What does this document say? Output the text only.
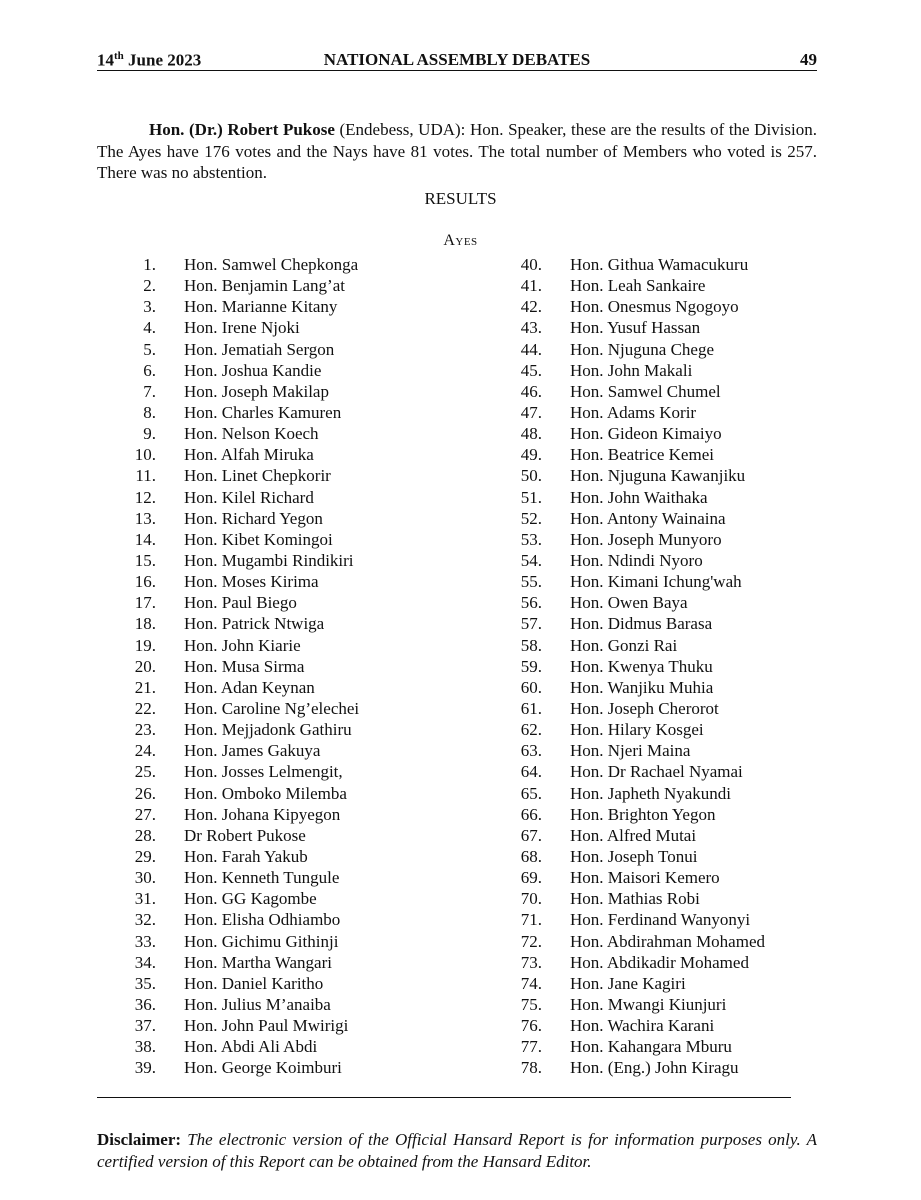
14th June 2023	NATIONAL ASSEMBLY DEBATES	49

Hon. (Dr.) Robert Pukose (Endebess, UDA): Hon. Speaker, these are the results of the Division. The Ayes have 176 votes and the Nays have 81 votes. The total number of Members who voted is 257. There was no abstention.

RESULTS
Ayes
1. Hon. Samwel Chepkonga
2. Hon. Benjamin Lang’at
3. Hon. Marianne Kitany
4. Hon. Irene Njoki
5. Hon. Jematiah Sergon
6. Hon. Joshua Kandie
7. Hon. Joseph Makilap
8. Hon. Charles Kamuren
9. Hon. Nelson Koech
10. Hon. Alfah Miruka
11. Hon. Linet Chepkorir
12. Hon. Kilel Richard
13. Hon. Richard Yegon
14. Hon. Kibet Komingoi
15. Hon. Mugambi Rindikiri
16. Hon. Moses Kirima
17. Hon. Paul Biego
18. Hon. Patrick Ntwiga
19. Hon. John Kiarie
20. Hon. Musa Sirma
21. Hon. Adan Keynan
22. Hon. Caroline Ng’elechei
23. Hon. Mejjadonk Gathiru
24. Hon. James Gakuya
25. Hon. Josses Lelmengit,
26. Hon. Omboko Milemba
27. Hon. Johana Kipyegon
28. Dr Robert Pukose
29. Hon. Farah Yakub
30. Hon. Kenneth Tungule
31. Hon. GG Kagombe
32. Hon. Elisha Odhiambo
33. Hon. Gichimu Githinji
34. Hon. Martha Wangari
35. Hon. Daniel Karitho
36. Hon. Julius M’anaiba
37. Hon. John Paul Mwirigi
38. Hon. Abdi Ali Abdi
39. Hon. George Koimburi
40. Hon. Githua Wamacukuru
41. Hon. Leah Sankaire
42. Hon. Onesmus Ngogoyo
43. Hon. Yusuf Hassan
44. Hon. Njuguna Chege
45. Hon. John Makali
46. Hon. Samwel Chumel
47. Hon. Adams Korir
48. Hon. Gideon Kimaiyo
49. Hon. Beatrice Kemei
50. Hon. Njuguna Kawanjiku
51. Hon. John Waithaka
52. Hon. Antony Wainaina
53. Hon. Joseph Munyoro
54. Hon. Ndindi Nyoro
55. Hon. Kimani Ichung'wah
56. Hon. Owen Baya
57. Hon. Didmus Barasa
58. Hon. Gonzi Rai
59. Hon. Kwenya Thuku
60. Hon. Wanjiku Muhia
61. Hon. Joseph Cherorot
62. Hon. Hilary Kosgei
63. Hon. Njeri Maina
64. Hon. Dr Rachael Nyamai
65. Hon. Japheth Nyakundi
66. Hon. Brighton Yegon
67. Hon. Alfred Mutai
68. Hon. Joseph Tonui
69. Hon. Maisori Kemero
70. Hon. Mathias Robi
71. Hon. Ferdinand Wanyonyi
72. Hon. Abdirahman Mohamed
73. Hon. Abdikadir Mohamed
74. Hon. Jane Kagiri
75. Hon. Mwangi Kiunjuri
76. Hon. Wachira Karani
77. Hon. Kahangara Mburu
78. Hon. (Eng.) John Kiragu

Disclaimer: The electronic version of the Official Hansard Report is for information purposes only. A certified version of this Report can be obtained from the Hansard Editor.
